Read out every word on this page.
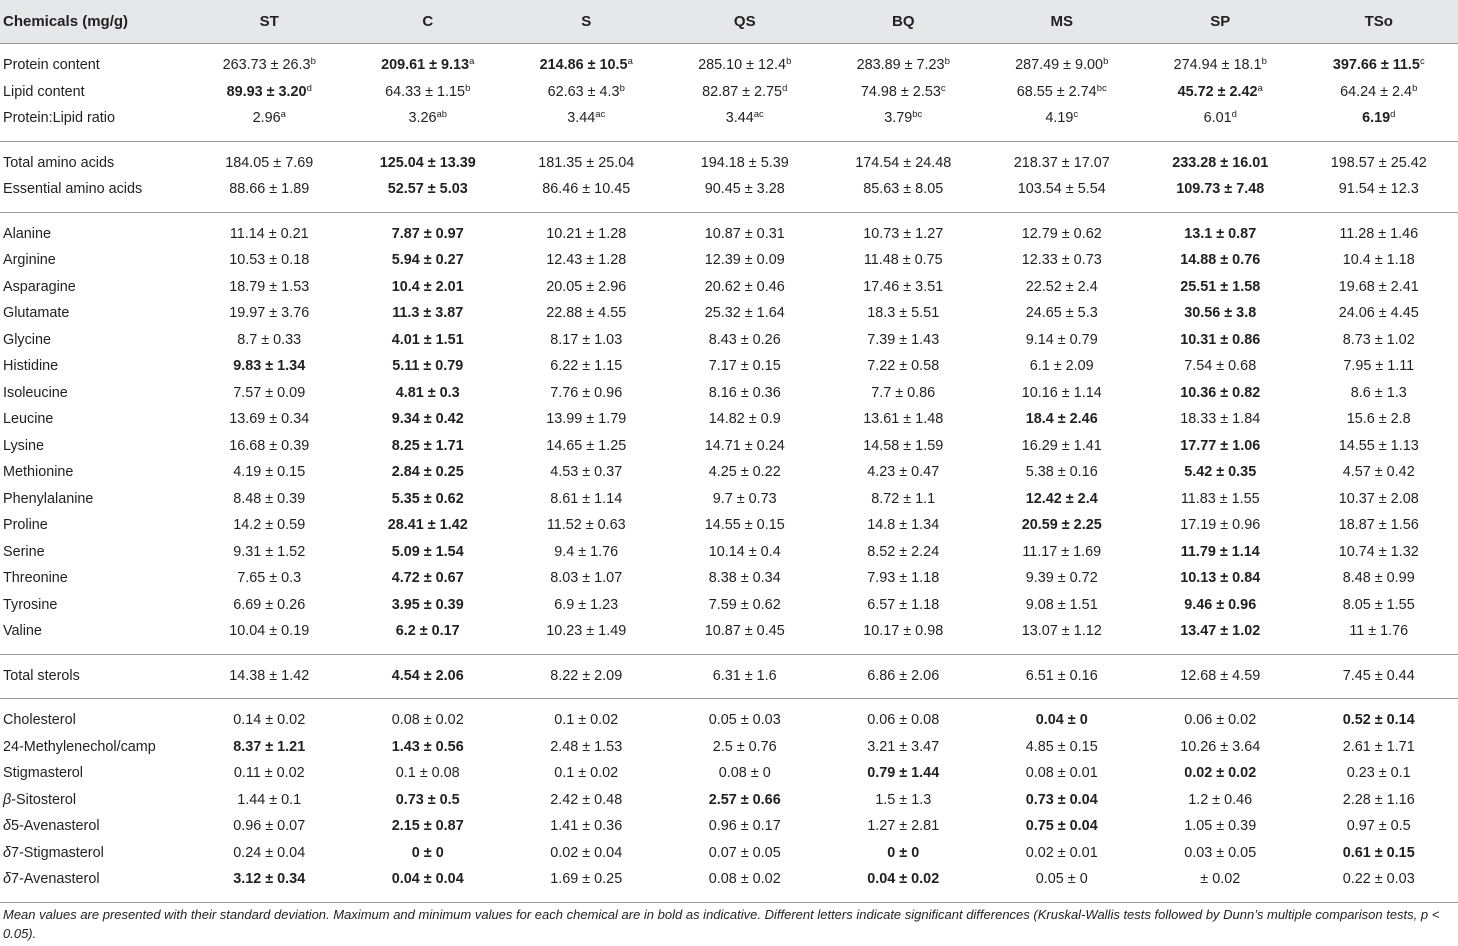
Chemicals (mg/g)	ST	C	S	QS	BQ	MS	SP	TSo

Protein content	263.73 ± 26.3$^b$	209.61 ± 9.13$^a$	214.86 ± 10.5$^a$	285.10 ± 12.4$^b$	283.89 ± 7.23$^b$	287.49 ± 9.00$^b$	274.94 ± 18.1$^b$	397.66 ± 11.5$^c$
Lipid content	89.93 ± 3.20$^d$	64.33 ± 1.15$^b$	62.63 ± 4.3$^b$	82.87 ± 2.75$^d$	74.98 ± 2.53$^c$	68.55 ± 2.74$^{bc}$	45.72 ± 2.42$^a$	64.24 ± 2.4$^b$
Protein:Lipid ratio	2.96$^a$	3.26$^{ab}$	3.44$^{ac}$	3.44$^{ac}$	3.79$^{bc}$	4.19$^c$	6.01$^d$	6.19$^d$

Total amino acids	184.05 ± 7.69	125.04 ± 13.39	181.35 ± 25.04	194.18 ± 5.39	174.54 ± 24.48	218.37 ± 17.07	233.28 ± 16.01	198.57 ± 25.42
Essential amino acids	88.66 ± 1.89	52.57 ± 5.03	86.46 ± 10.45	90.45 ± 3.28	85.63 ± 8.05	103.54 ± 5.54	109.73 ± 7.48	91.54 ± 12.3

Alanine	11.14 ± 0.21	7.87 ± 0.97	10.21 ± 1.28	10.87 ± 0.31	10.73 ± 1.27	12.79 ± 0.62	13.1 ± 0.87	11.28 ± 1.46
Arginine	10.53 ± 0.18	5.94 ± 0.27	12.43 ± 1.28	12.39 ± 0.09	11.48 ± 0.75	12.33 ± 0.73	14.88 ± 0.76	10.4 ± 1.18
Asparagine	18.79 ± 1.53	10.4 ± 2.01	20.05 ± 2.96	20.62 ± 0.46	17.46 ± 3.51	22.52 ± 2.4	25.51 ± 1.58	19.68 ± 2.41
Glutamate	19.97 ± 3.76	11.3 ± 3.87	22.88 ± 4.55	25.32 ± 1.64	18.3 ± 5.51	24.65 ± 5.3	30.56 ± 3.8	24.06 ± 4.45
Glycine	8.7 ± 0.33	4.01 ± 1.51	8.17 ± 1.03	8.43 ± 0.26	7.39 ± 1.43	9.14 ± 0.79	10.31 ± 0.86	8.73 ± 1.02
Histidine	9.83 ± 1.34	5.11 ± 0.79	6.22 ± 1.15	7.17 ± 0.15	7.22 ± 0.58	6.1 ± 2.09	7.54 ± 0.68	7.95 ± 1.11
Isoleucine	7.57 ± 0.09	4.81 ± 0.3	7.76 ± 0.96	8.16 ± 0.36	7.7 ± 0.86	10.16 ± 1.14	10.36 ± 0.82	8.6 ± 1.3
Leucine	13.69 ± 0.34	9.34 ± 0.42	13.99 ± 1.79	14.82 ± 0.9	13.61 ± 1.48	18.4 ± 2.46	18.33 ± 1.84	15.6 ± 2.8
Lysine	16.68 ± 0.39	8.25 ± 1.71	14.65 ± 1.25	14.71 ± 0.24	14.58 ± 1.59	16.29 ± 1.41	17.77 ± 1.06	14.55 ± 1.13
Methionine	4.19 ± 0.15	2.84 ± 0.25	4.53 ± 0.37	4.25 ± 0.22	4.23 ± 0.47	5.38 ± 0.16	5.42 ± 0.35	4.57 ± 0.42
Phenylalanine	8.48 ± 0.39	5.35 ± 0.62	8.61 ± 1.14	9.7 ± 0.73	8.72 ± 1.1	12.42 ± 2.4	11.83 ± 1.55	10.37 ± 2.08
Proline	14.2 ± 0.59	28.41 ± 1.42	11.52 ± 0.63	14.55 ± 0.15	14.8 ± 1.34	20.59 ± 2.25	17.19 ± 0.96	18.87 ± 1.56
Serine	9.31 ± 1.52	5.09 ± 1.54	9.4 ± 1.76	10.14 ± 0.4	8.52 ± 2.24	11.17 ± 1.69	11.79 ± 1.14	10.74 ± 1.32
Threonine	7.65 ± 0.3	4.72 ± 0.67	8.03 ± 1.07	8.38 ± 0.34	7.93 ± 1.18	9.39 ± 0.72	10.13 ± 0.84	8.48 ± 0.99
Tyrosine	6.69 ± 0.26	3.95 ± 0.39	6.9 ± 1.23	7.59 ± 0.62	6.57 ± 1.18	9.08 ± 1.51	9.46 ± 0.96	8.05 ± 1.55
Valine	10.04 ± 0.19	6.2 ± 0.17	10.23 ± 1.49	10.87 ± 0.45	10.17 ± 0.98	13.07 ± 1.12	13.47 ± 1.02	11 ± 1.76

Total sterols	14.38 ± 1.42	4.54 ± 2.06	8.22 ± 2.09	6.31 ± 1.6	6.86 ± 2.06	6.51 ± 0.16	12.68 ± 4.59	7.45 ± 0.44

Cholesterol	0.14 ± 0.02	0.08 ± 0.02	0.1 ± 0.02	0.05 ± 0.03	0.06 ± 0.08	0.04 ± 0	0.06 ± 0.02	0.52 ± 0.14
24-Methylenechol/camp	8.37 ± 1.21	1.43 ± 0.56	2.48 ± 1.53	2.5 ± 0.76	3.21 ± 3.47	4.85 ± 0.15	10.26 ± 3.64	2.61 ± 1.71
Stigmasterol	0.11 ± 0.02	0.1 ± 0.08	0.1 ± 0.02	0.08 ± 0	0.79 ± 1.44	0.08 ± 0.01	0.02 ± 0.02	0.23 ± 0.1
β-Sitosterol	1.44 ± 0.1	0.73 ± 0.5	2.42 ± 0.48	2.57 ± 0.66	1.5 ± 1.3	0.73 ± 0.04	1.2 ± 0.46	2.28 ± 1.16
δ5-Avenasterol	0.96 ± 0.07	2.15 ± 0.87	1.41 ± 0.36	0.96 ± 0.17	1.27 ± 2.81	0.75 ± 0.04	1.05 ± 0.39	0.97 ± 0.5
δ7-Stigmasterol	0.24 ± 0.04	0 ± 0	0.02 ± 0.04	0.07 ± 0.05	0 ± 0	0.02 ± 0.01	0.03 ± 0.05	0.61 ± 0.15
δ7-Avenasterol	3.12 ± 0.34	0.04 ± 0.04	1.69 ± 0.25	0.08 ± 0.02	0.04 ± 0.02	0.05 ± 0	± 0.02	0.22 ± 0.03

Mean values are presented with their standard deviation. Maximum and minimum values for each chemical are in bold as indicative. Different letters indicate significant differences (Kruskal-Wallis tests followed by Dunn’s multiple comparison tests, p < 0.05).
